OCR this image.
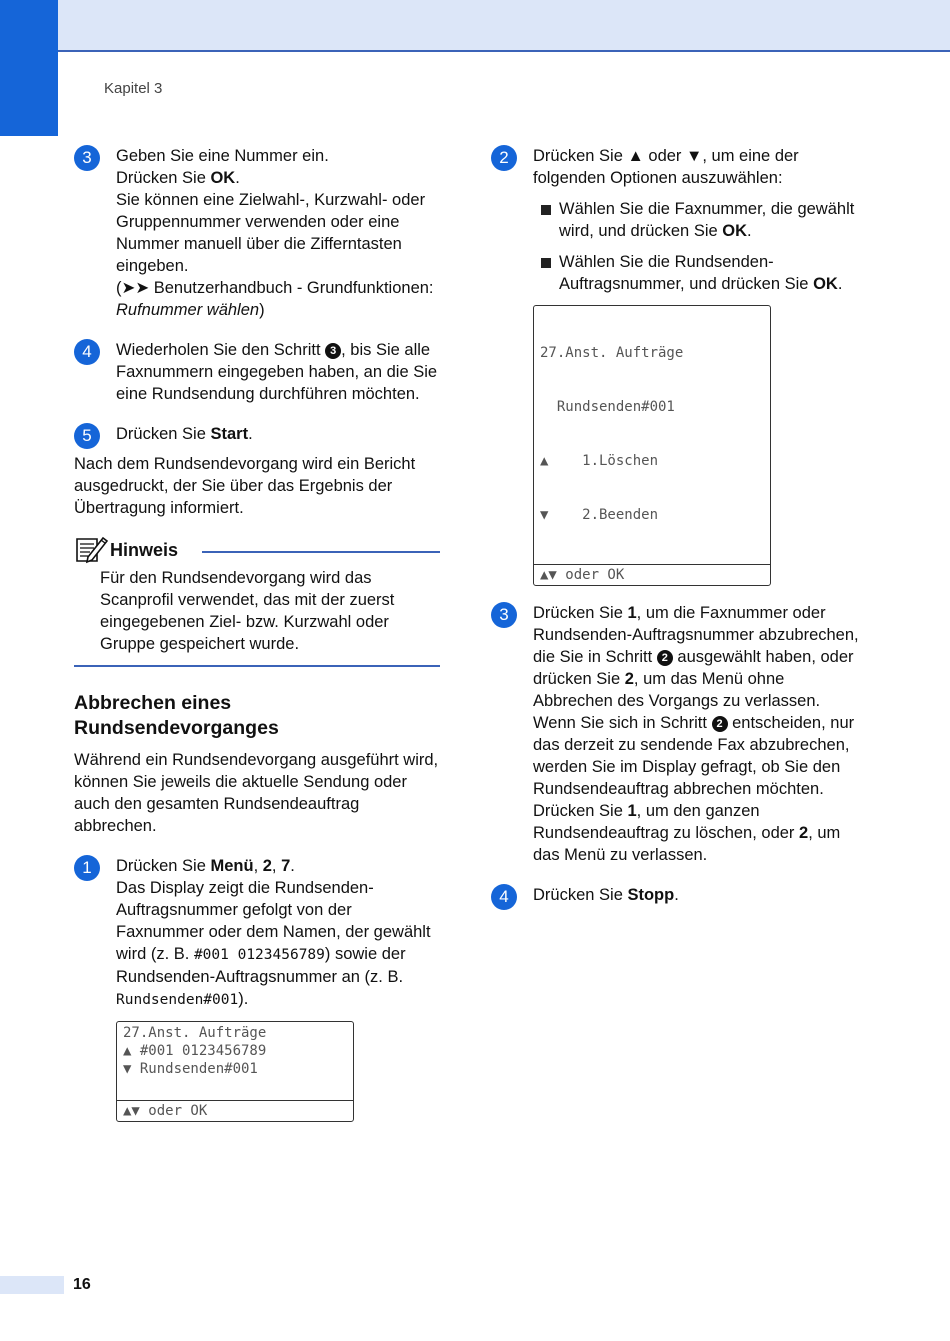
Kapitel 3
3	Geben Sie eine Nummer ein.
Drücken Sie OK.
Sie können eine Zielwahl-, Kurzwahl- oder Gruppennummer verwenden oder eine Nummer manuell über die Zifferntasten eingeben.
(➤➤ Benutzerhandbuch - Grundfunktionen: Rufnummer wählen)
4	Wiederholen Sie den Schritt 3 , bis Sie alle Faxnummern eingegeben haben, an die Sie eine Rundsendung durchführen möchten.
5	Drücken Sie Start.
Nach dem Rundsendevorgang wird ein Bericht ausgedruckt, der Sie über das Ergebnis der Übertragung informiert.
Hinweis
Für den Rundsendevorgang wird das Scanprofil verwendet, das mit der zuerst eingegebenen Ziel- bzw. Kurzwahl oder Gruppe gespeichert wurde.
Abbrechen eines
Rundsendevorganges
Während ein Rundsendevorgang ausgeführt wird, können Sie jeweils die aktuelle Sendung oder auch den gesamten Rundsendeauftrag abbrechen.
1	Drücken Sie Menü, 2, 7.
Das Display zeigt die Rundsenden-Auftragsnummer gefolgt von der Faxnummer oder dem Namen, der gewählt wird (z. B. #001 0123456789) sowie der Rundsenden-Auftragsnummer an (z. B. Rundsenden#001).
27.Anst. Aufträge
▲ #001 0123456789
▼ Rundsenden#001
▲▼ oder OK
2	Drücken Sie ▲ oder ▼, um eine der folgenden Optionen auszuwählen:
Wählen Sie die Faxnummer, die gewählt wird, und drücken Sie OK.
Wählen Sie die Rundsenden-Auftragsnummer, und drücken Sie OK.

27.Anst. Aufträge

Rundsenden#001

▲    1.Löschen

▼    2.Beenden

▲▼ oder OK
3	Drücken Sie 1, um die Faxnummer oder Rundsenden-Auftragsnummer abzubrechen, die Sie in Schritt 2 ausgewählt haben, oder drücken Sie 2, um das Menü ohne Abbrechen des Vorgangs zu verlassen.
Wenn Sie sich in Schritt 2 entscheiden, nur das derzeit zu sendende Fax abzubrechen, werden Sie im Display gefragt, ob Sie den Rundsendeauftrag abbrechen möchten. Drücken Sie 1, um den ganzen Rundsendeauftrag zu löschen, oder 2, um das Menü zu verlassen.
4	Drücken Sie Stopp.
16
